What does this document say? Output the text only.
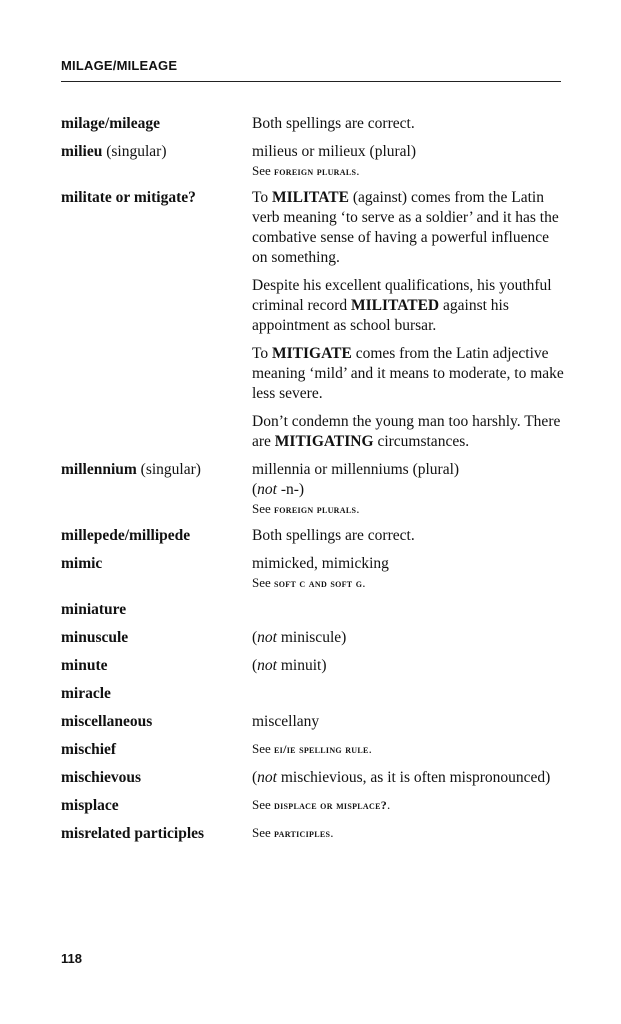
MILAGE/MILEAGE
milage/mileage	Both spellings are correct.
milieu (singular)	milieus or milieux (plural)
See foreign plurals.
militate or mitigate?	To MILITATE (against) comes from the Latin verb meaning ‘to serve as a soldier’ and it has the combative sense of having a powerful influence on something.

Despite his excellent qualifications, his youthful criminal record MILITATED against his appointment as school bursar.

To MITIGATE comes from the Latin adjective meaning ‘mild’ and it means to moderate, to make less severe.

Don’t condemn the young man too harshly. There are MITIGATING circumstances.

millennium (singular)	millennia or millenniums (plural)
(not -n-)
See foreign plurals.
millepede/millipede	Both spellings are correct.
mimic	mimicked, mimicking
See soft c and soft g.
miniature
minuscule	(not miniscule)
minute	(not minuit)
miracle
miscellaneous	miscellany
mischief	See ei/ie spelling rule.
mischievous	(not mischievious, as it is often mispronounced)
misplace	See displace or misplace?.
misrelated participles	See participles.
118
